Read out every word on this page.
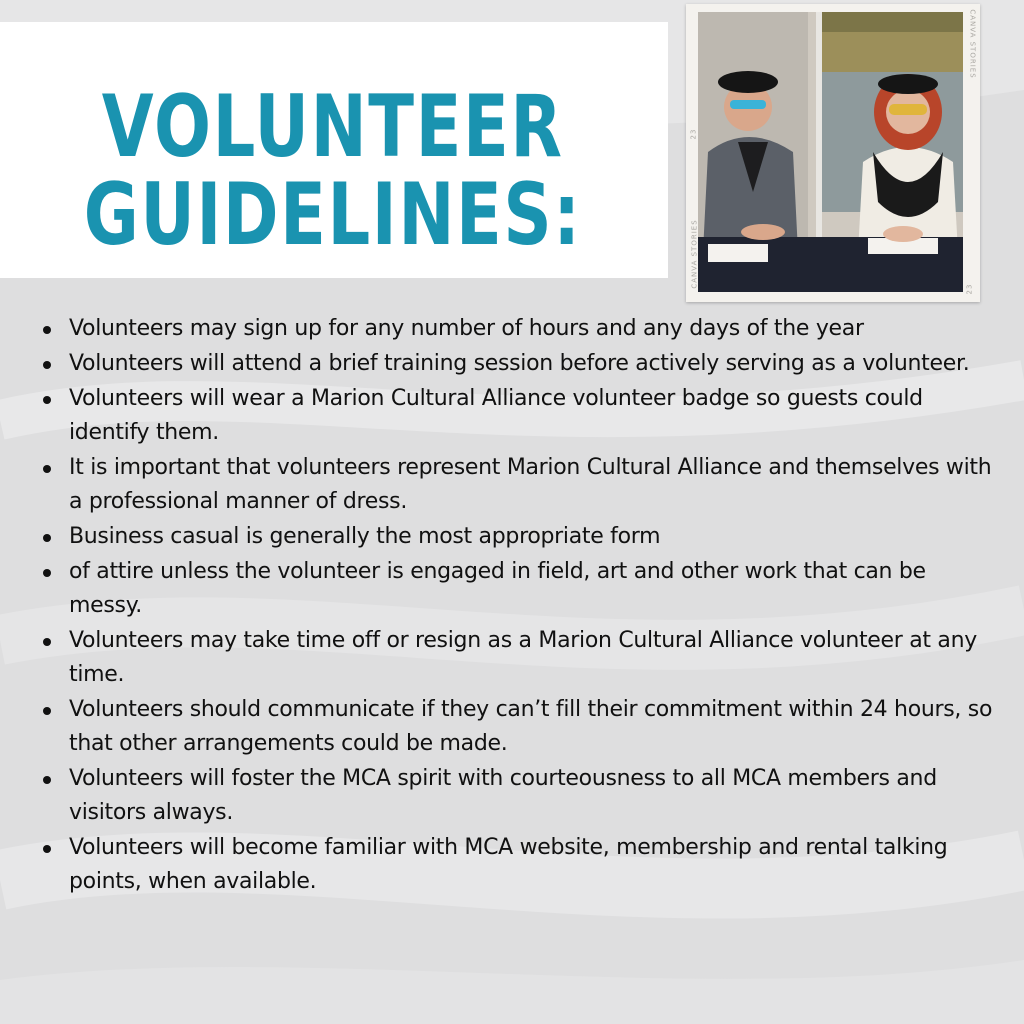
VOLUNTEER
GUIDELINES:
23
23
CANVA STORIES
CANVA STORIES
Volunteers may sign up for any number of hours and any days of the year
Volunteers will attend a brief training session before actively serving as a volunteer.
Volunteers will wear a Marion Cultural Alliance volunteer badge so guests could identify them.
It is important that volunteers represent Marion Cultural Alliance and themselves with a professional manner of dress.
Business casual is generally the most appropriate form
of attire unless the volunteer is engaged in field, art and other work that can be messy.
Volunteers may take time off or resign as a Marion Cultural Alliance volunteer at any time.
Volunteers should communicate if they can’t fill their commitment within 24 hours, so that other arrangements could be made.
Volunteers will foster the MCA spirit with courteousness to all MCA members and visitors always.
Volunteers will become familiar with MCA website, membership and rental talking points, when available.
